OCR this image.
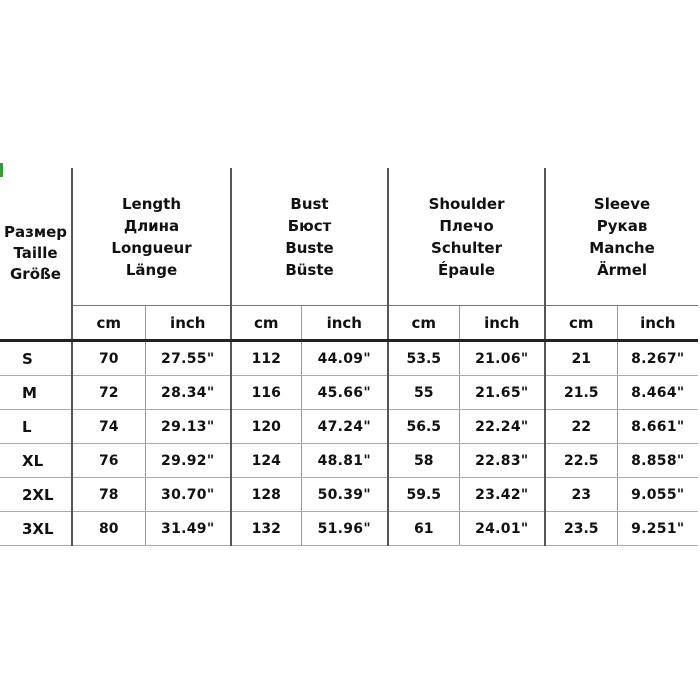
Размер
Taille
Größe	Length
Длина
Longueur
Länge		Bust
Бюст
Buste
Büste		Shoulder
Плечо
Schulter
Épaule		Sleeve
Рукав
Manche
Ärmel	

	cm	inch	cm	inch	cm	inch	cm	inch
S	70	27.55"	112	44.09"	53.5	21.06"	21	8.267"
M	72	28.34"	116	45.66"	55	21.65"	21.5	8.464"
L	74	29.13"	120	47.24"	56.5	22.24"	22	8.661"
XL	76	29.92"	124	48.81"	58	22.83"	22.5	8.858"
2XL	78	30.70"	128	50.39"	59.5	23.42"	23	9.055"
3XL	80	31.49"	132	51.96"	61	24.01"	23.5	9.251"
